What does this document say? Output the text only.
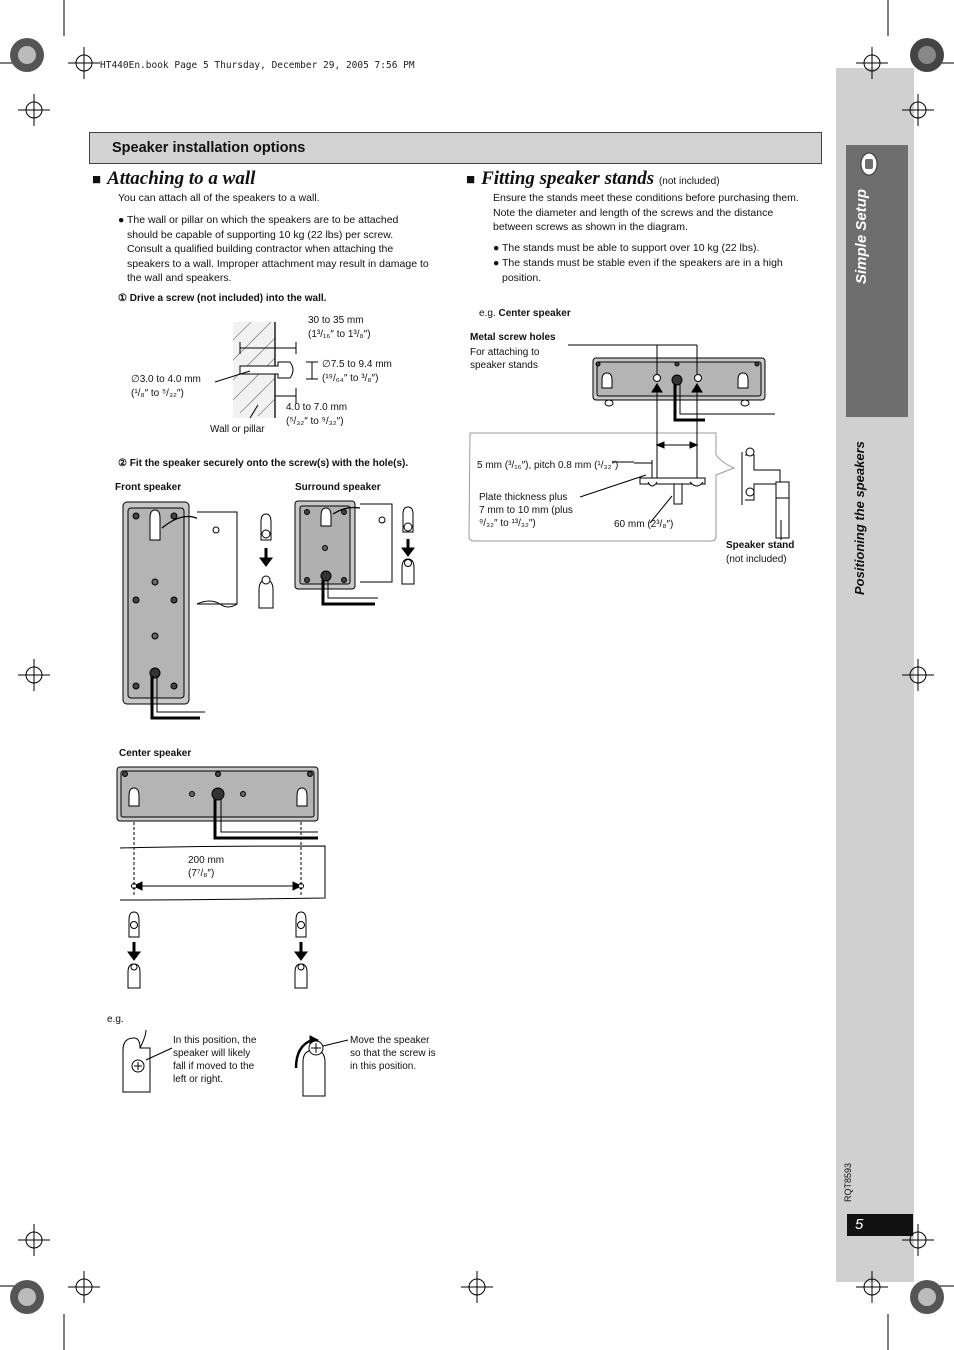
HT440En.book Page 5 Thursday, December 29, 2005 7:56 PM
Speaker installation options
■ Attaching to a wall
You can attach all of the speakers to a wall.
● The wall or pillar on which the speakers are to be attached
should be capable of supporting 10 kg (22 lbs) per screw.
Consult a qualified building contractor when attaching the
speakers to a wall. Improper attachment may result in damage to
the wall and speakers.
① Drive a screw (not included) into the wall.
30 to 35 mm
(1³/₁₆″ to 1³/₈″)
∅7.5 to 9.4 mm
(¹⁹/₆₄″ to ³/₈″)
∅3.0 to 4.0 mm
(¹/₈″ to ⁵/₃₂″)
4.0 to 7.0 mm
(⁵/₃₂″ to ⁹/₃₂″)
Wall or pillar
② Fit the speaker securely onto the screw(s) with the hole(s).
Front speaker	Surround speaker
Center speaker
200 mm
(7⁷/₈″)
e.g.
In this position, the
speaker will likely
fall if moved to the
left or right.
Move the speaker
so that the screw is
in this position.
■ Fitting speaker stands (not included)
Ensure the stands meet these conditions before purchasing them.
Note the diameter and length of the screws and the distance
between screws as shown in the diagram.
● The stands must be able to support over 10 kg (22 lbs).
● The stands must be stable even if the speakers are in a high
position.
e.g. Center speaker
Metal screw holes
For attaching to
speaker stands
5 mm (³/₁₆″), pitch 0.8 mm (¹/₃₂″)
Plate thickness plus
7 mm to 10 mm (plus
⁹/₃₂″ to ¹³/₃₂″)	60 mm (2³/₈″)
Speaker stand
(not included)
Simple Setup
Positioning the speakers
RQT8593
5
